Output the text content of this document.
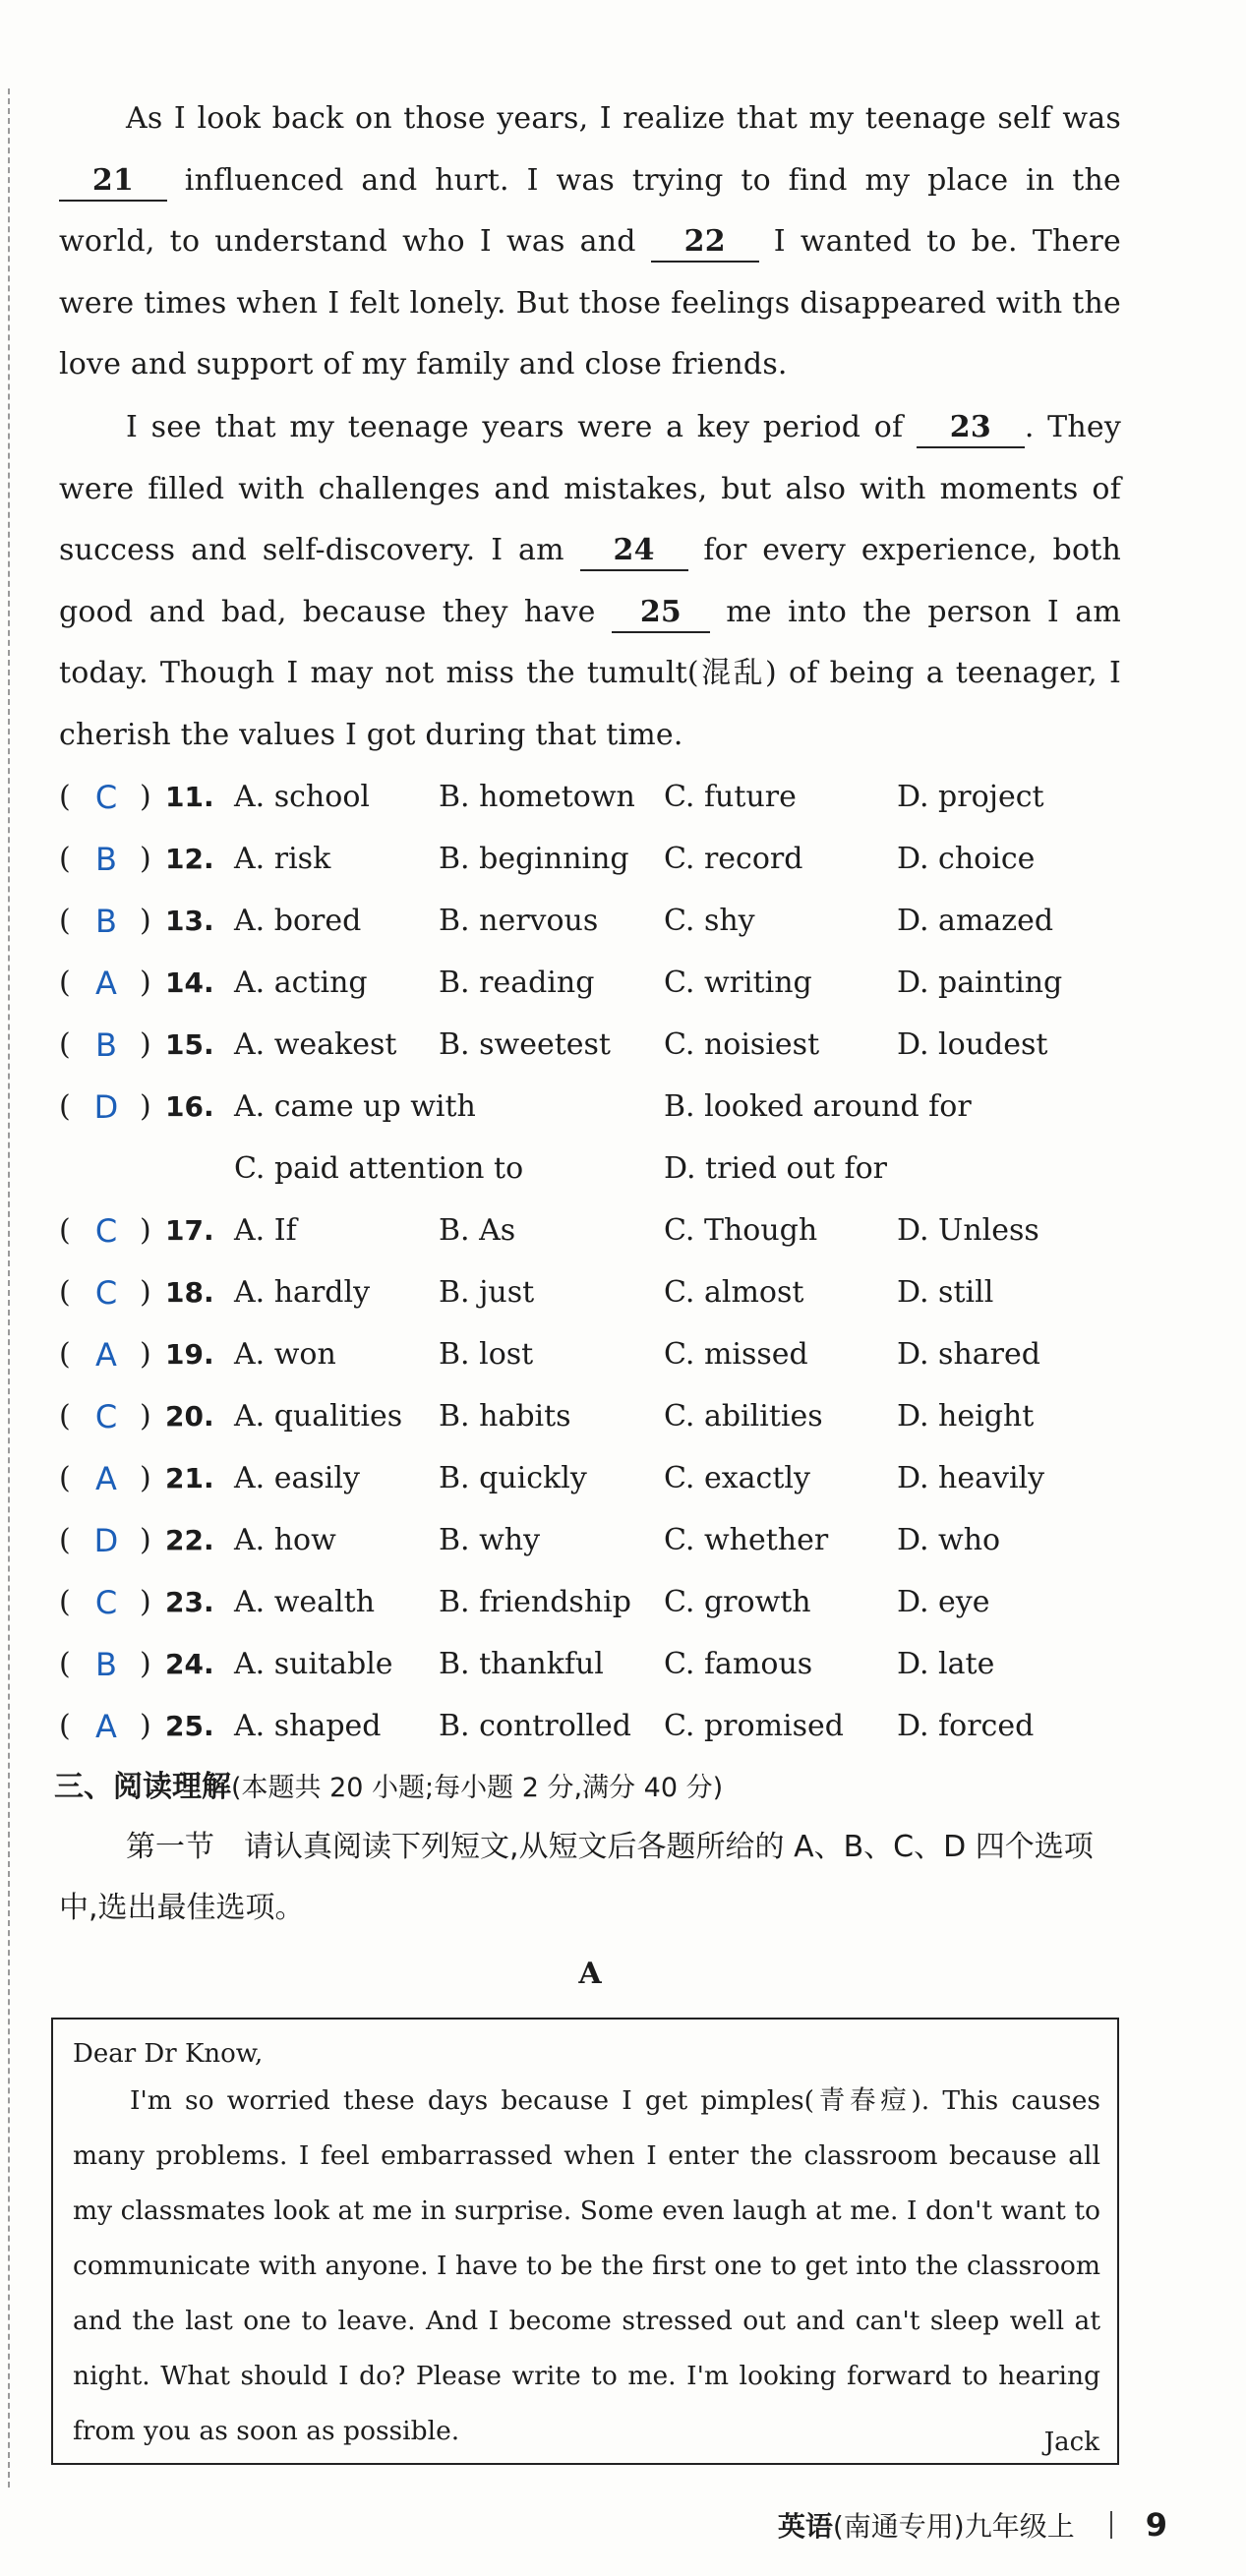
As I look back on those years, I realize that my teenage self was 21 influenced and hurt. I was trying to find my place in the world, to understand who I was and 22 I wanted to be. There were times when I felt lonely. But those feelings disappeared with the love and support of my family and close friends.
I see that my teenage years were a key period of 23 . They were filled with challenges and mistakes, but also with moments of success and self-discovery. I am 24 for every experience, both good and bad, because they have 25 me into the person I am today. Though I may not miss the tumult(混乱) of being a teenager, I cherish the values I got during that time.
( C ) 11. A. school B. hometown C. future	D. project
( B ) 12. A. risk	B. beginning C. record	D. choice
( B ) 13. A. bored	B. nervous C. shy	D. amazed
( A ) 14. A. acting B. reading C. writing	D. painting
( B ) 15. A. weakest B. sweetest C. noisiest	D. loudest
( D ) 16. A. came up with	B. looked around for
C. paid attention to	D. tried out for
( C ) 17. A. If	B. As	C. Though	D. Unless
( C ) 18. A. hardly B. just	C. almost	D. still
( A ) 19. A. won	B. lost	C. missed	D. shared
( C ) 20. A. qualities B. habits	C. abilities	D. height
( A ) 21. A. easily	B. quickly	C. exactly	D. heavily
( D ) 22. A. how	B. why	C. whether D. who
( C ) 23. A. wealth B. friendship C. growth	D. eye
( B ) 24. A. suitable B. thankful C. famous	D. late
( A ) 25. A. shaped B. controlled C. promised D. forced
三、阅读理解(本题共 20 小题;每小题 2 分,满分 40 分)
第一节　请认真阅读下列短文,从短文后各题所给的 A、B、C、D 四个选项中,选出最佳选项。
A
Dear Dr Know,
I'm so worried these days because I get pimples(青春痘). This causes many problems. I feel embarrassed when I enter the classroom because all my classmates look at me in surprise. Some even laugh at me. I don't want to communicate with anyone. I have to be the first one to get into the classroom and the last one to leave. And I become stressed out and can't sleep well at night. What should I do? Please write to me. I'm looking forward to hearing from you as soon as possible.	Jack
英语 (南通专用)九年级上 9
